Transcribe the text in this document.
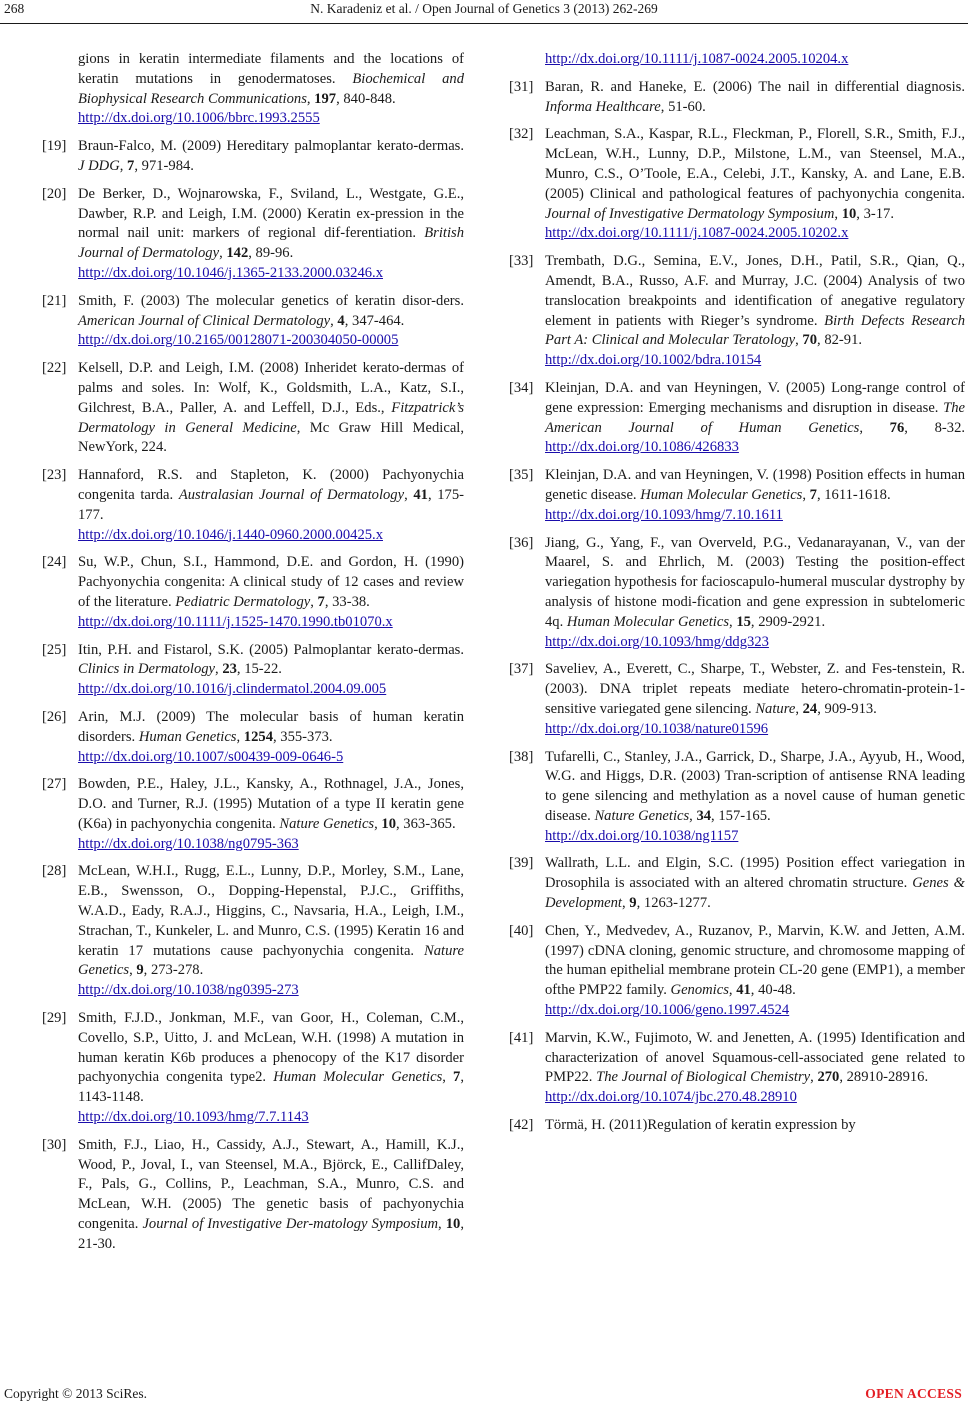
268	N. Karadeniz et al. / Open Journal of Genetics 3 (2013) 262-269
gions in keratin intermediate filaments and the locations of keratin mutations in genodermatoses. Biochemical and Biophysical Research Communications, 197, 840-848.
http://dx.doi.org/10.1006/bbrc.1993.2555
[19] Braun-Falco, M. (2009) Hereditary palmoplantar kerato-dermas. J DDG, 7, 971-984.
[20] De Berker, D., Wojnarowska, F., Sviland, L., Westgate, G.E., Dawber, R.P. and Leigh, I.M. (2000) Keratin ex-pression in the normal nail unit: markers of regional dif-ferentiation. British Journal of Dermatology, 142, 89-96.
http://dx.doi.org/10.1046/j.1365-2133.2000.03246.x
[21] Smith, F. (2003) The molecular genetics of keratin disor-ders. American Journal of Clinical Dermatology, 4, 347-464.
http://dx.doi.org/10.2165/00128071-200304050-00005
[22] Kelsell, D.P. and Leigh, I.M. (2008) Inheridet kerato-dermas of palms and soles. In: Wolf, K., Goldsmith, L.A., Katz, S.I., Gilchrest, B.A., Paller, A. and Leffell, D.J., Eds., Fitzpatrick’s Dermatology in General Medicine, Mc Graw Hill Medical, NewYork, 224.
[23] Hannaford, R.S. and Stapleton, K. (2000) Pachyonychia congenita tarda. Australasian Journal of Dermatology, 41, 175-177.
http://dx.doi.org/10.1046/j.1440-0960.2000.00425.x
[24] Su, W.P., Chun, S.I., Hammond, D.E. and Gordon, H. (1990) Pachyonychia congenita: A clinical study of 12 cases and review of the literature. Pediatric Dermatology, 7, 33-38.
http://dx.doi.org/10.1111/j.1525-1470.1990.tb01070.x
[25] Itin, P.H. and Fistarol, S.K. (2005) Palmoplantar kerato-dermas. Clinics in Dermatology, 23, 15-22.
http://dx.doi.org/10.1016/j.clindermatol.2004.09.005
[26] Arin, M.J. (2009) The molecular basis of human keratin disorders. Human Genetics, 1254, 355-373.
http://dx.doi.org/10.1007/s00439-009-0646-5
[27] Bowden, P.E., Haley, J.L., Kansky, A., Rothnagel, J.A., Jones, D.O. and Turner, R.J. (1995) Mutation of a type II keratin gene (K6a) in pachyonychia congenita. Nature Genetics, 10, 363-365.
http://dx.doi.org/10.1038/ng0795-363
[28] McLean, W.H.I., Rugg, E.L., Lunny, D.P., Morley, S.M., Lane, E.B., Swensson, O., Dopping-Hepenstal, P.J.C., Griffiths, W.A.D., Eady, R.A.J., Higgins, C., Navsaria, H.A., Leigh, I.M., Strachan, T., Kunkeler, L. and Munro, C.S. (1995) Keratin 16 and keratin 17 mutations cause pachyonychia congenita. Nature Genetics, 9, 273-278.
http://dx.doi.org/10.1038/ng0395-273
[29] Smith, F.J.D., Jonkman, M.F., van Goor, H., Coleman, C.M., Covello, S.P., Uitto, J. and McLean, W.H. (1998) A mutation in human keratin K6b produces a phenocopy of the K17 disorder pachyonychia congenita type2. Human Molecular Genetics, 7, 1143-1148.
http://dx.doi.org/10.1093/hmg/7.7.1143
[30] Smith, F.J., Liao, H., Cassidy, A.J., Stewart, A., Hamill, K.J., Wood, P., Joval, I., van Steensel, M.A., Björck, E., CallifDaley, F., Pals, G., Collins, P., Leachman, S.A., Munro, C.S. and McLean, W.H. (2005) The genetic basis of pachyonychia congenita. Journal of Investigative Der-matology Symposium, 10, 21-30.
http://dx.doi.org/10.1111/j.1087-0024.2005.10204.x
[31] Baran, R. and Haneke, E. (2006) The nail in differential diagnosis. Informa Healthcare, 51-60.
[32] Leachman, S.A., Kaspar, R.L., Fleckman, P., Florell, S.R., Smith, F.J., McLean, W.H., Lunny, D.P., Milstone, L.M., van Steensel, M.A., Munro, C.S., O’Toole, E.A., Celebi, J.T., Kansky, A. and Lane, E.B. (2005) Clinical and pathological features of pachyonychia congenita. Journal of Investigative Dermatology Symposium, 10, 3-17.
http://dx.doi.org/10.1111/j.1087-0024.2005.10202.x
[33] Trembath, D.G., Semina, E.V., Jones, D.H., Patil, S.R., Qian, Q., Amendt, B.A., Russo, A.F. and Murray, J.C. (2004) Analysis of two translocation breakpoints and identification of anegative regulatory element in patients with Rieger’s syndrome. Birth Defects Research Part A: Clinical and Molecular Teratology, 70, 82-91.
http://dx.doi.org/10.1002/bdra.10154
[34] Kleinjan, D.A. and van Heyningen, V. (2005) Long-range control of gene expression: Emerging mechanisms and disruption in disease. The American Journal of Human Genetics, 76, 8-32. http://dx.doi.org/10.1086/426833
[35] Kleinjan, D.A. and van Heyningen, V. (1998) Position effects in human genetic disease. Human Molecular Genetics, 7, 1611-1618.
http://dx.doi.org/10.1093/hmg/7.10.1611
[36] Jiang, G., Yang, F., van Overveld, P.G., Vedanarayanan, V., van der Maarel, S. and Ehrlich, M. (2003) Testing the position-effect variegation hypothesis for facioscapulo-humeral muscular dystrophy by analysis of histone modi-fication and gene expression in subtelomeric 4q. Human Molecular Genetics, 15, 2909-2921.
http://dx.doi.org/10.1093/hmg/ddg323
[37] Saveliev, A., Everett, C., Sharpe, T., Webster, Z. and Fes-tenstein, R. (2003). DNA triplet repeats mediate hetero-chromatin-protein-1-sensitive variegated gene silencing. Nature, 24, 909-913.
http://dx.doi.org/10.1038/nature01596
[38] Tufarelli, C., Stanley, J.A., Garrick, D., Sharpe, J.A., Ayyub, H., Wood, W.G. and Higgs, D.R. (2003) Tran-scription of antisense RNA leading to gene silencing and methylation as a novel cause of human genetic disease. Nature Genetics, 34, 157-165.
http://dx.doi.org/10.1038/ng1157
[39] Wallrath, L.L. and Elgin, S.C. (1995) Position effect variegation in Drosophila is associated with an altered chromatin structure. Genes & Development, 9, 1263-1277.
[40] Chen, Y., Medvedev, A., Ruzanov, P., Marvin, K.W. and Jetten, A.M. (1997) cDNA cloning, genomic structure, and chromosome mapping of the human epithelial membrane protein CL-20 gene (EMP1), a member ofthe PMP22 family. Genomics, 41, 40-48.
http://dx.doi.org/10.1006/geno.1997.4524
[41] Marvin, K.W., Fujimoto, W. and Jenetten, A. (1995) Identification and characterization of anovel Squamous-cell-associated gene related to PMP22. The Journal of Biological Chemistry, 270, 28910-28916.
http://dx.doi.org/10.1074/jbc.270.48.28910
[42] Törmä, H. (2011)Regulation of keratin expression by
Copyright © 2013 SciRes.	OPEN ACCESS
